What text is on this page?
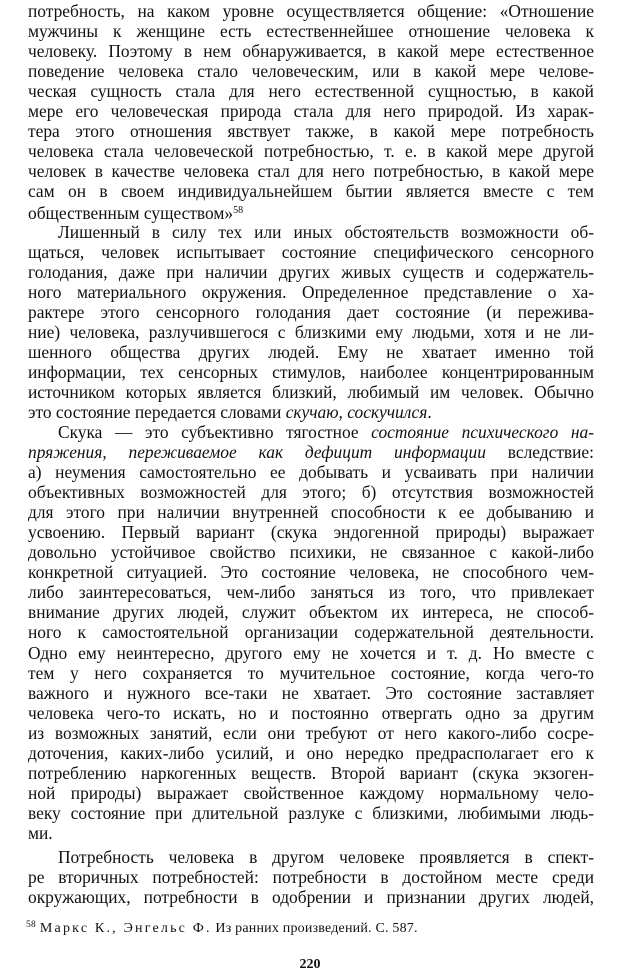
потребность, на каком уровне осуществляется общение: «Отношение
мужчины к женщине есть естественнейшее отношение человека к
человеку. Поэтому в нем обнаруживается, в какой мере естественное
поведение человека стало человеческим, или в какой мере челове-
ческая сущность стала для него естественной сущностью, в какой
мере его человеческая природа стала для него природой. Из харак-
тера этого отношения явствует также, в какой мере потребность
человека стала человеческой потребностью, т. е. в какой мере другой
человек в качестве человека стал для него потребностью, в какой мере
сам он в своем индивидуальнейшем бытии является вместе с тем
общественным существом»$^{58}$
Лишенный в силу тех или иных обстоятельств возможности об-
щаться, человек испытывает состояние специфического сенсорного
голодания, даже при наличии других живых существ и содержатель-
ного материального окружения. Определенное представление о ха-
рактере этого сенсорного голодания дает состояние (и пережива-
ние) человека, разлучившегося с близкими ему людьми, хотя и не ли-
шенного общества других людей. Ему не хватает именно той
информации, тех сенсорных стимулов, наиболее концентрированным
источником которых является близкий, любимый им человек. Обычно
это состояние передается словами скучаю, соскучился.
Скука — это субъективно тягостное состояние психического на-
пряжения, переживаемое как дефицит информации вследствие:
а) неумения самостоятельно ее добывать и усваивать при наличии
объективных возможностей для этого; б) отсутствия возможностей
для этого при наличии внутренней способности к ее добыванию и
усвоению. Первый вариант (скука эндогенной природы) выражает
довольно устойчивое свойство психики, не связанное с какой-либо
конкретной ситуацией. Это состояние человека, не способного чем-
либо заинтересоваться, чем-либо заняться из того, что привлекает
внимание других людей, служит объектом их интереса, не способ-
ного к самостоятельной организации содержательной деятельности.
Одно ему неинтересно, другого ему не хочется и т. д. Но вместе с
тем у него сохраняется то мучительное состояние, когда чего-то
важного и нужного все-таки не хватает. Это состояние заставляет
человека чего-то искать, но и постоянно отвергать одно за другим
из возможных занятий, если они требуют от него какого-либо сосре-
доточения, каких-либо усилий, и оно нередко предрасполагает его к
потреблению наркогенных веществ. Второй вариант (скука экзоген-
ной природы) выражает свойственное каждому нормальному чело-
веку состояние при длительной разлуке с близкими, любимыми людь-
ми.
Потребность человека в другом человеке проявляется в спект-
ре вторичных потребностей: потребности в достойном месте среди
окружающих, потребности в одобрении и признании других людей,
$^{58}$ Маркс К., Энгельс Ф. Из ранних произведений. С. 587.
220
